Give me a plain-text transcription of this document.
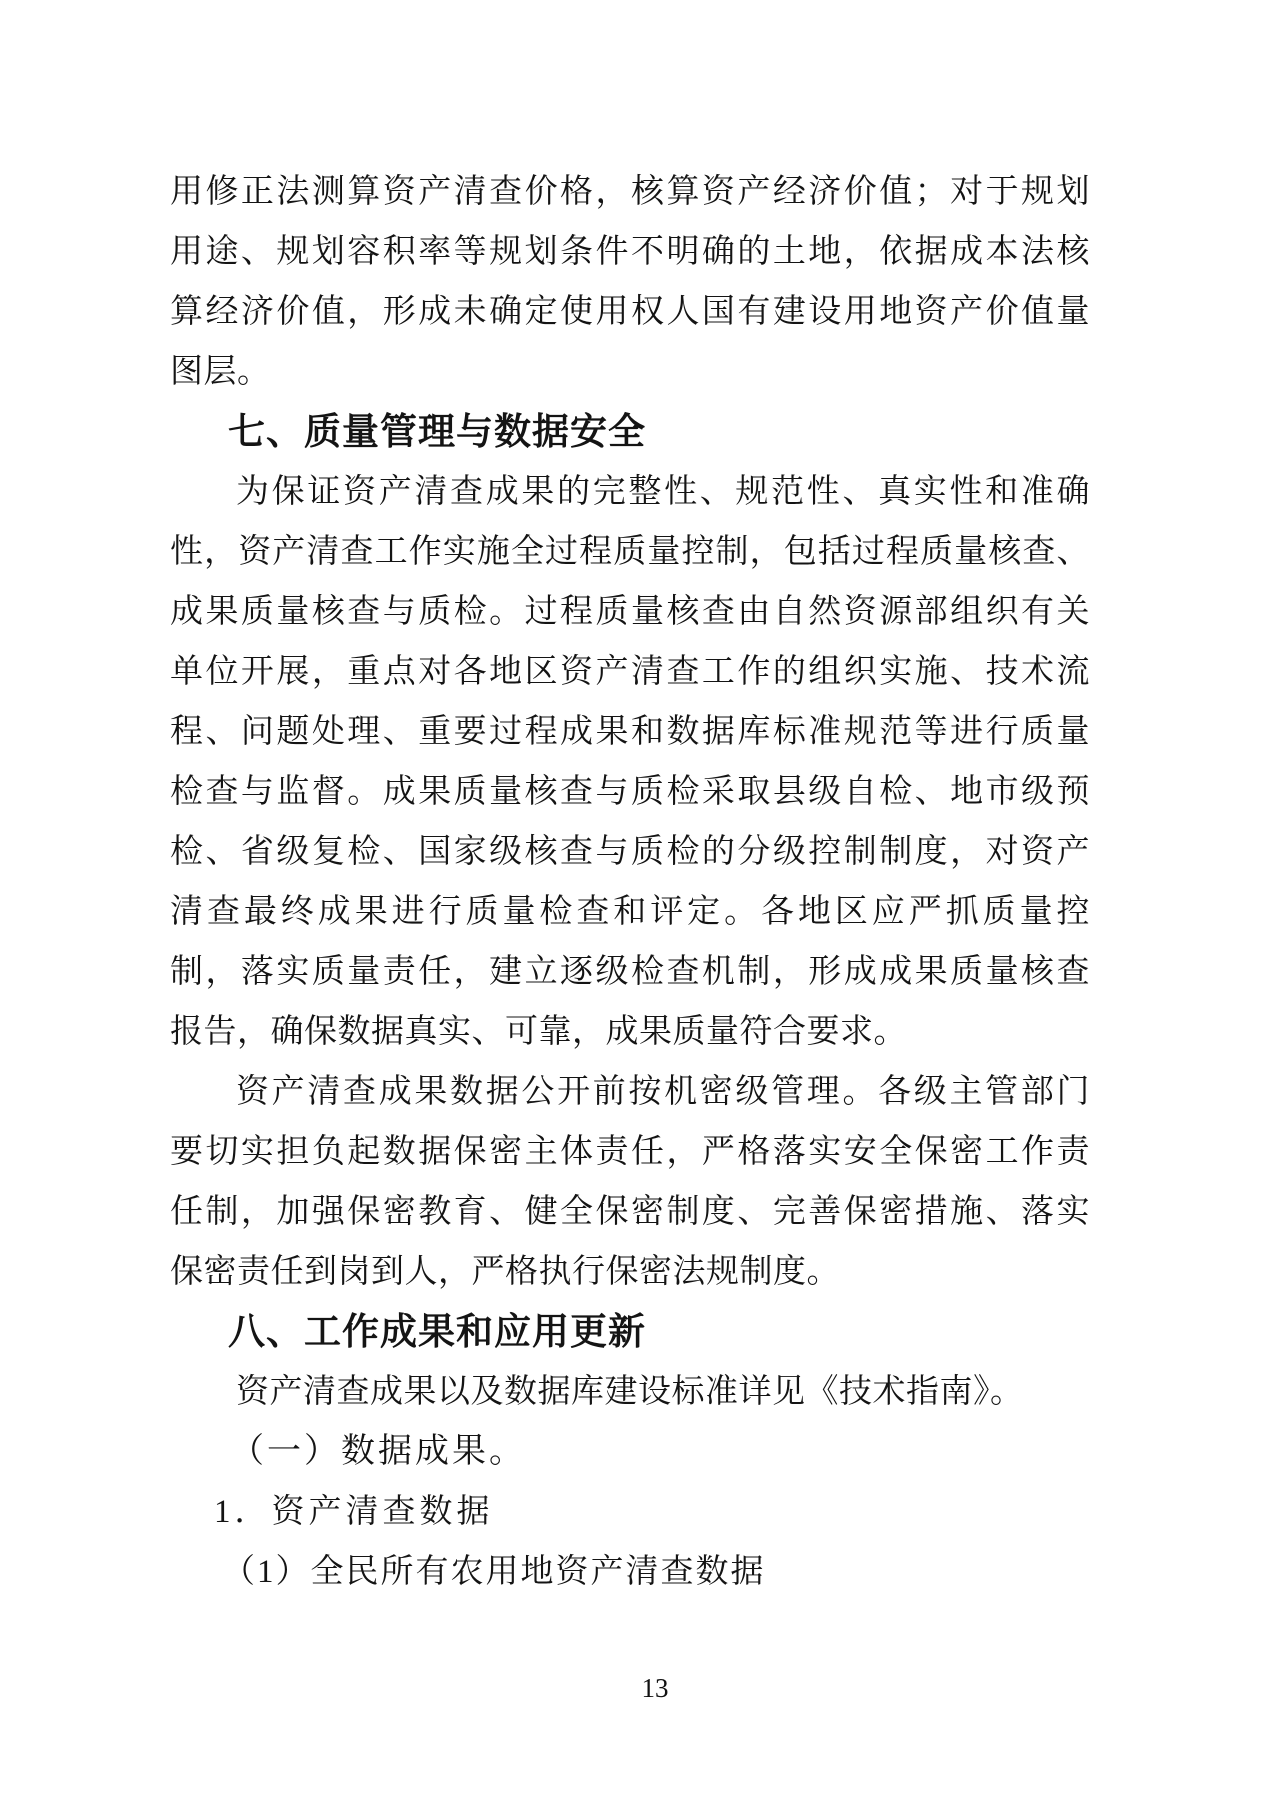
用修正法测算资产清查价格，核算资产经济价值；对于规划
用途、规划容积率等规划条件不明确的土地，依据成本法核
算经济价值，形成未确定使用权人国有建设用地资产价值量
图层。
七、质量管理与数据安全
为保证资产清查成果的完整性、规范性、真实性和准确
性，资产清查工作实施全过程质量控制，包括过程质量核查、
成果质量核查与质检。过程质量核查由自然资源部组织有关
单位开展，重点对各地区资产清查工作的组织实施、技术流
程、问题处理、重要过程成果和数据库标准规范等进行质量
检查与监督。成果质量核查与质检采取县级自检、地市级预
检、省级复检、国家级核查与质检的分级控制制度，对资产
清查最终成果进行质量检查和评定。各地区应严抓质量控
制，落实质量责任，建立逐级检查机制，形成成果质量核查
报告，确保数据真实、可靠，成果质量符合要求。
资产清查成果数据公开前按机密级管理。各级主管部门
要切实担负起数据保密主体责任，严格落实安全保密工作责
任制，加强保密教育、健全保密制度、完善保密措施、落实
保密责任到岗到人，严格执行保密法规制度。
八、工作成果和应用更新
资产清查成果以及数据库建设标准详见《技术指南》。
（一）数据成果。
1．资产清查数据
（1）全民所有农用地资产清查数据
13
